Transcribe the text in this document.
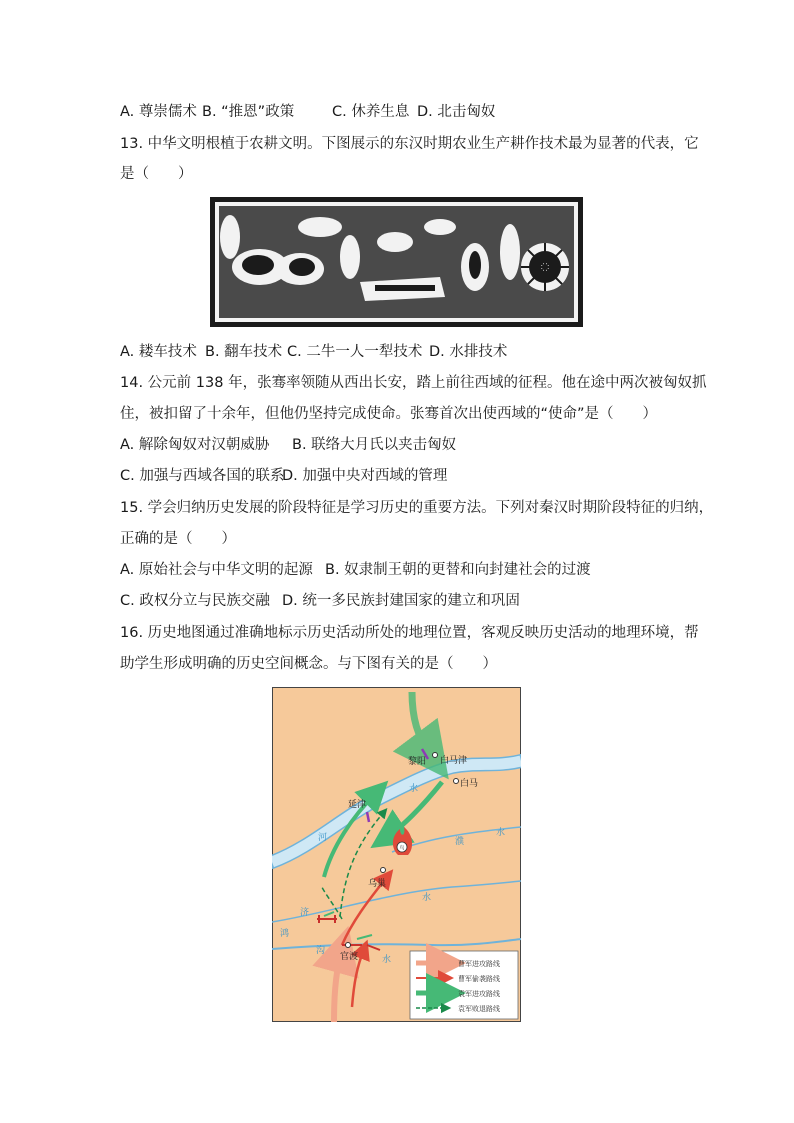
A. 尊崇儒术 B. “推恩”政策	C. 休养生息 D. 北击匈奴
13. 中华文明根植于农耕文明。下图展示的东汉时期农业生产耕作技术最为显著的代表，它
是（　　）
A. 耧车技术 B. 翻车技术 C. 二牛一人一犁技术 D. 水排技术
14. 公元前 138 年，张骞率领随从西出长安，踏上前往西域的征程。他在途中两次被匈奴抓
住，被扣留了十余年，但他仍坚持完成使命。张骞首次出使西域的“使命”是（　　）
A. 解除匈奴对汉朝威胁 B. 联络大月氏以夹击匈奴
C. 加强与西域各国的联系D. 加强中央对西域的管理
15. 学会归纳历史发展的阶段特征是学习历史的重要方法。下列对秦汉时期阶段特征的归纳，
正确的是（　　）
A. 原始社会与中华文明的起源 B. 奴隶制王朝的更替和向封建社会的过渡
C. 政权分立与民族交融 D. 统一多民族封建国家的建立和巩固
16. 历史地图通过准确地标示历史活动所处的地理位置，客观反映历史活动的地理环境，帮
助学生形成明确的历史空间概念。与下图有关的是（　　）
鸟
黎阳 白马津
白马
延津
乌巢
官渡
水
河	濮
水
水
济
鸿
沟
水	曹军进攻路线
曹军偷袭路线
袁军进攻路线
袁军败退路线
